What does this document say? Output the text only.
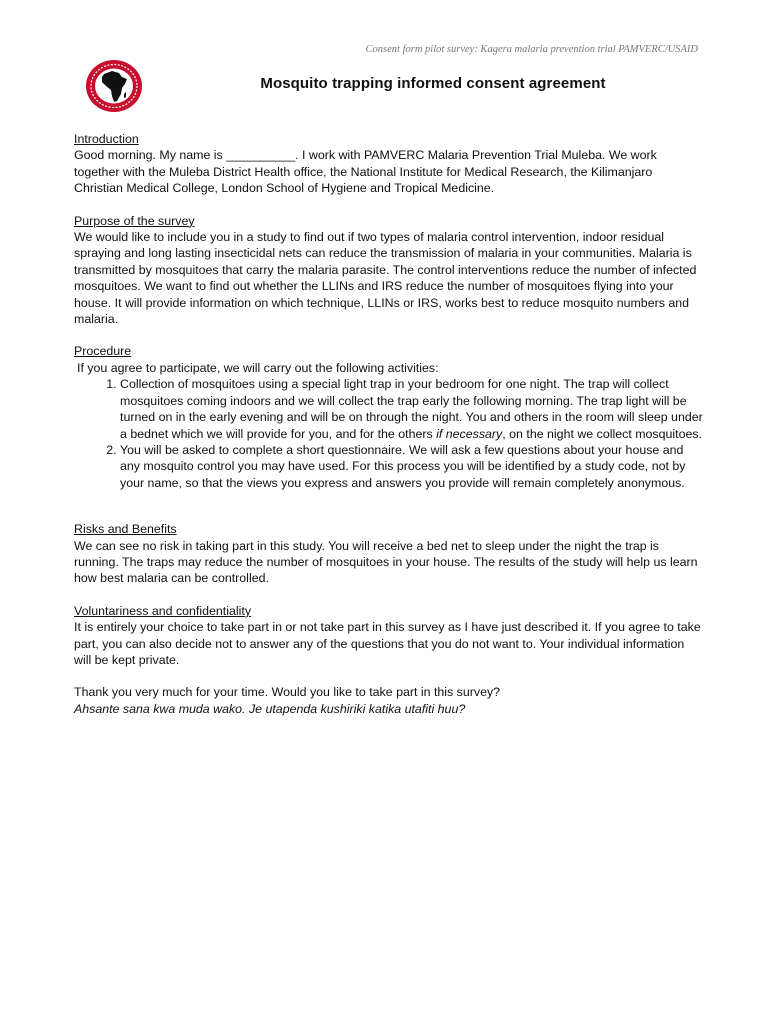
Consent form pilot survey: Kagera malaria prevention trial PAMVERC/USAID
Mosquito trapping informed consent agreement

Introduction

Good morning. My name is __________. I work with PAMVERC Malaria Prevention Trial Muleba. We work together with the Muleba District Health office, the National Institute for Medical Research, the Kilimanjaro Christian Medical College, London School of Hygiene and Tropical Medicine.

Purpose of the survey

We would like to include you in a study to find out if two types of malaria control intervention, indoor residual spraying and long lasting insecticidal nets can reduce the transmission of malaria in your communities. Malaria is transmitted by mosquitoes that carry the malaria parasite. The control interventions reduce the number of infected mosquitoes. We want to find out whether the LLINs and IRS reduce the number of mosquitoes flying into your house. It will provide information on which technique, LLINs or IRS, works best to reduce mosquito numbers and malaria.

Procedure

If you agree to participate, we will carry out the following activities:

1. Collection of mosquitoes using a special light trap in your bedroom for one night. The trap will collect mosquitoes coming indoors and we will collect the trap early the following morning. The trap light will be turned on in the early evening and will be on through the night. You and others in the room will sleep under a bednet which we will provide for you, and for the others if necessary, on the night we collect mosquitoes.
2. You will be asked to complete a short questionnaire. We will ask a few questions about your house and any mosquito control you may have used. For this process you will be identified by a study code, not by your name, so that the views you express and answers you provide will remain completely anonymous.

Risks and Benefits

We can see no risk in taking part in this study. You will receive a bed net to sleep under the night the trap is running. The traps may reduce the number of mosquitoes in your house. The results of the study will help us learn how best malaria can be controlled.

Voluntariness and confidentiality

It is entirely your choice to take part in or not take part in this survey as I have just described it. If you agree to take part, you can also decide not to answer any of the questions that you do not want to. Your individual information will be kept private.

Thank you very much for your time. Would you like to take part in this survey?

Ahsante sana kwa muda wako. Je utapenda kushiriki katika utafiti huu?
